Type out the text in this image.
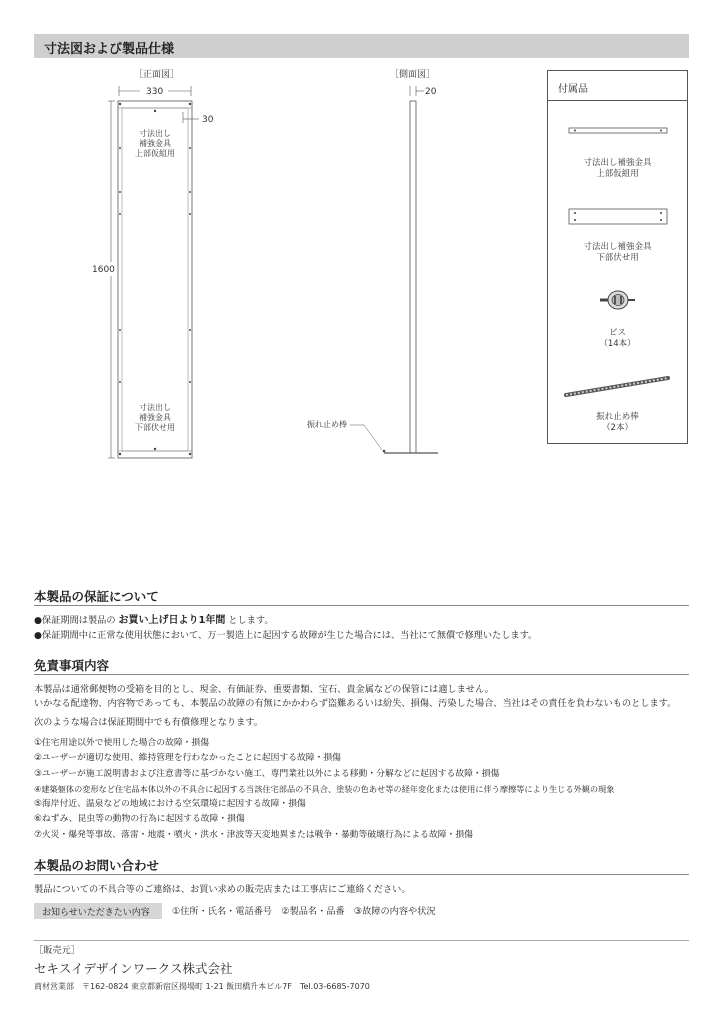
寸法図および製品仕様
［正面図］	［側面図］
330
30
1600
20
寸法出し
補強金具
上部仮組用
寸法出し
補強金具
下部伏せ用	振れ止め棒
付属品
寸法出し補強金具
上部仮組用
寸法出し補強金具
下部伏せ用
ビス
（14本）
振れ止め棒
（2本）
本製品の保証について
●保証期間は製品の お買い上げ日より1年間 とします。
●保証期間中に正常な使用状態において、万一製造上に起因する故障が生じた場合には、当社にて無償で修理いたします。
免責事項内容
本製品は通常郵便物の受箱を目的とし、現金、有価証券、重要書類、宝石、貴金属などの保管には適しません。
いかなる配達物、内容物であっても、本製品の故障の有無にかかわらず盗難あるいは紛失、損傷、汚染した場合、当社はその責任を負わないものとします。
次のような場合は保証期間中でも有償修理となります。
①住宅用途以外で使用した場合の故障・損傷
②ユーザーが適切な使用、維持管理を行わなかったことに起因する故障・損傷
③ユーザーが施工説明書および注意書等に基づかない施工、専門業社以外による移動・分解などに起因する故障・損傷
④建築躯体の変形など住宅品本体以外の不具合に起因する当該住宅部品の不具合、塗装の色あせ等の経年変化または使用に伴う摩擦等により生じる外観の現象
⑤海岸付近、温泉などの地域における空気環境に起因する故障・損傷
⑥ねずみ、昆虫等の動物の行為に起因する故障・損傷
⑦火災・爆発等事故、落雷・地震・噴火・洪水・津波等天変地異または戦争・暴動等破壊行為による故障・損傷
本製品のお問い合わせ
製品についての不具合等のご連絡は、お買い求めの販売店または工事店にご連絡ください。
お知らせいただきたい内容 ①住所・氏名・電話番号　②製品名・品番　③故障の内容や状況
［販売元］
セキスイデザインワークス株式会社
商材営業部　〒162-0824 東京都新宿区揚場町 1-21 飯田橋升本ビル7F　Tel.03-6685-7070
